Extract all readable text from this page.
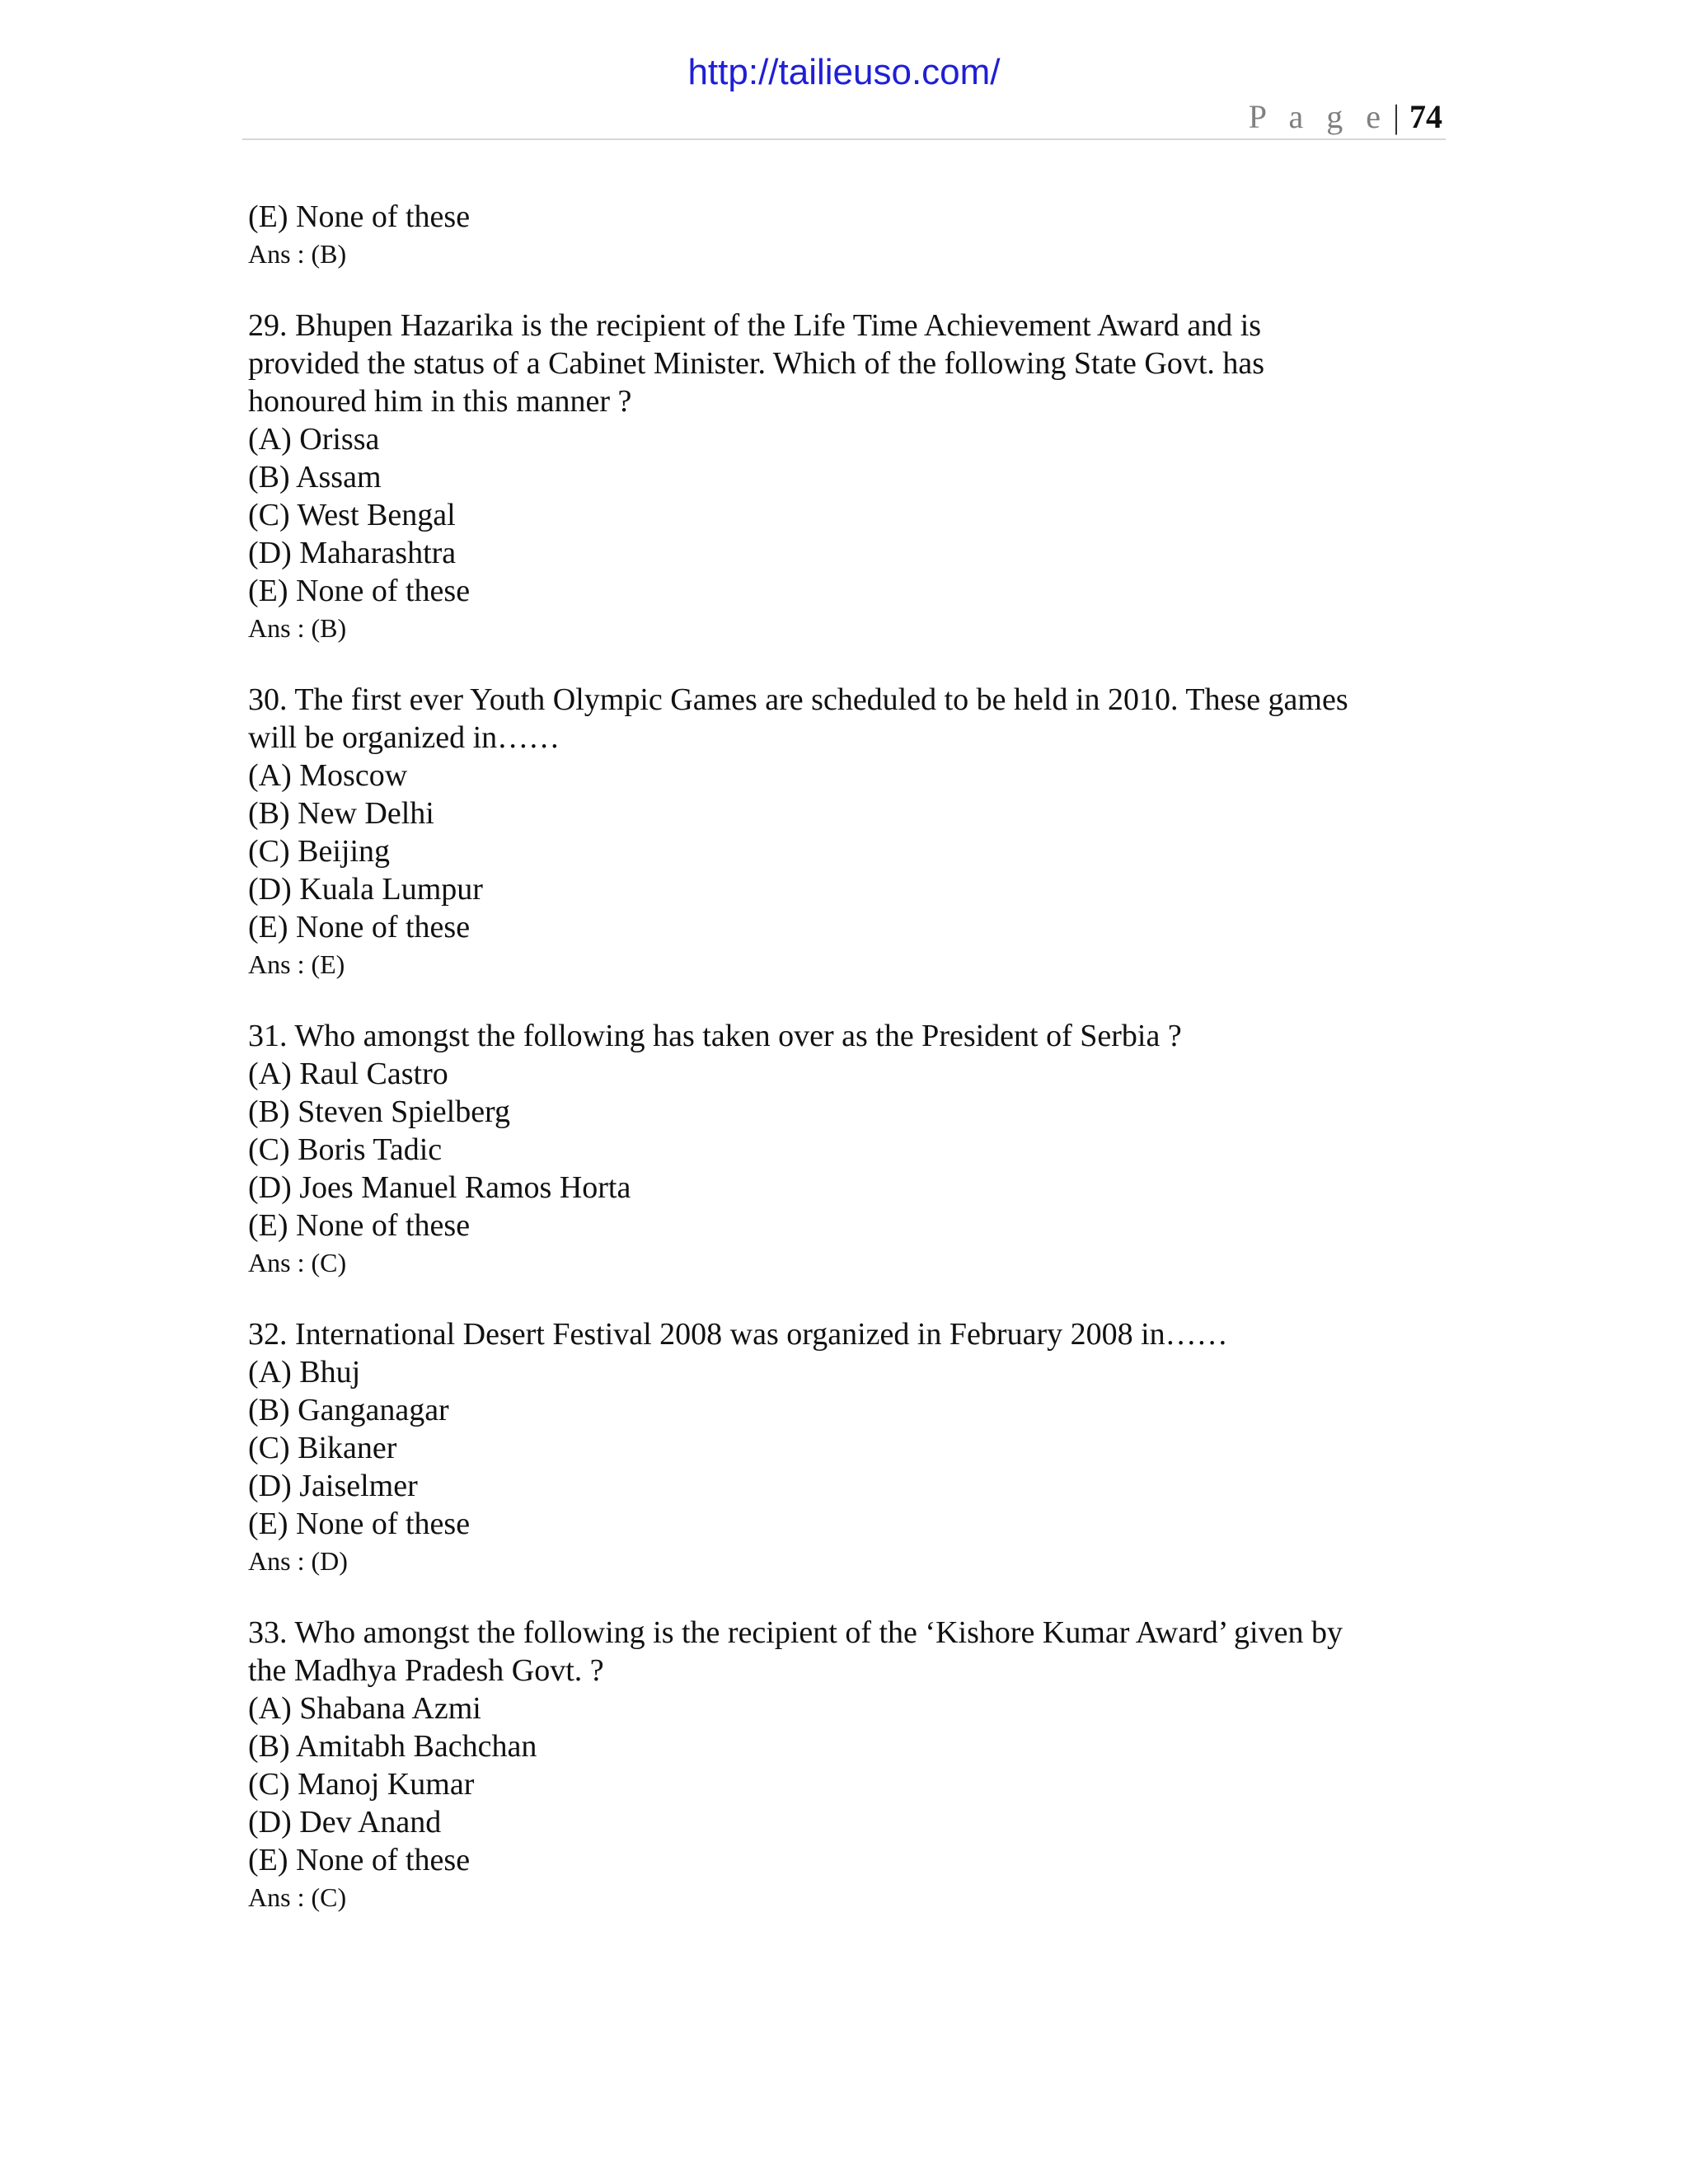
http://tailieuso.com/
P a g e | 74

(E) None of these

Ans : (B)

29. Bhupen Hazarika is the recipient of the Life Time Achievement Award and is

provided the status of a Cabinet Minister. Which of the following State Govt. has

honoured him in this manner ?

(A) Orissa

(B) Assam

(C) West Bengal

(D) Maharashtra

(E) None of these

Ans : (B)

30. The first ever Youth Olympic Games are scheduled to be held in 2010. These games

will be organized in……

(A) Moscow

(B) New Delhi

(C) Beijing

(D) Kuala Lumpur

(E) None of these

Ans : (E)

31. Who amongst the following has taken over as the President of Serbia ?

(A) Raul Castro

(B) Steven Spielberg

(C) Boris Tadic

(D) Joes Manuel Ramos Horta

(E) None of these

Ans : (C)

32. International Desert Festival 2008 was organized in February 2008 in……

(A) Bhuj

(B) Ganganagar

(C) Bikaner

(D) Jaiselmer

(E) None of these

Ans : (D)

33. Who amongst the following is the recipient of the ‘Kishore Kumar Award’ given by

the Madhya Pradesh Govt. ?

(A) Shabana Azmi

(B) Amitabh Bachchan

(C) Manoj Kumar

(D) Dev Anand

(E) None of these

Ans : (C)
